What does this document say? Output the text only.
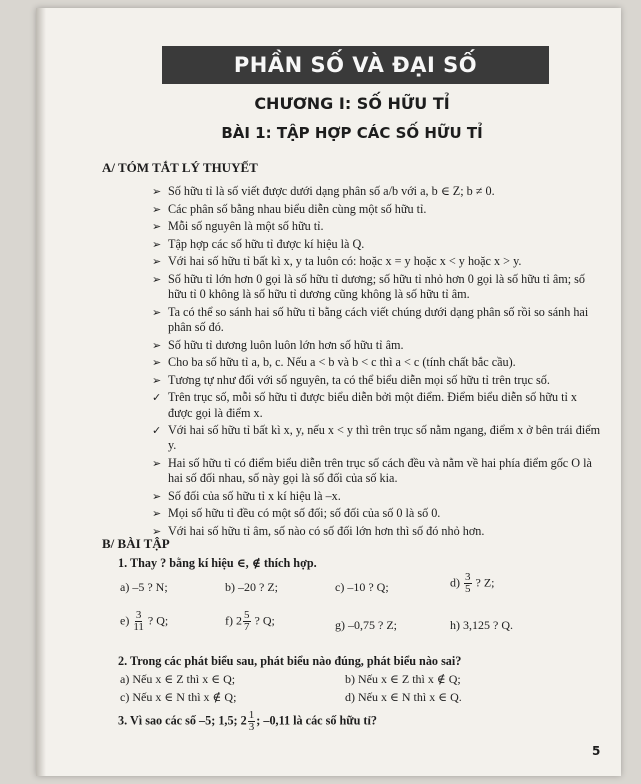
PHẦN SỐ VÀ ĐẠI SỐ
CHƯƠNG I: SỐ HỮU TỈ
BÀI 1: TẬP HỢP CÁC SỐ HỮU TỈ
A/ TÓM TẮT LÝ THUYẾT
➢ Số hữu tỉ là số viết được dưới dạng phân số a/b với a, b ∈ Z; b ≠ 0.
➢ Các phân số bằng nhau biểu diễn cùng một số hữu tỉ.
➢ Mỗi số nguyên là một số hữu tỉ.
➢ Tập hợp các số hữu tỉ được kí hiệu là Q.
➢ Với hai số hữu tỉ bất kì x, y ta luôn có: hoặc x = y hoặc x < y hoặc x > y.
➢ Số hữu tỉ lớn hơn 0 gọi là số hữu tỉ dương; số hữu tỉ nhỏ hơn 0 gọi là số hữu tỉ âm; số hữu tỉ 0 không là số hữu tỉ dương cũng không là số hữu tỉ âm.
➢ Ta có thể so sánh hai số hữu tỉ bằng cách viết chúng dưới dạng phân số rồi so sánh hai phân số đó.
➢ Số hữu tỉ dương luôn luôn lớn hơn số hữu tỉ âm.
➢ Cho ba số hữu tỉ a, b, c. Nếu a < b và b < c thì a < c (tính chất bắc cầu).
➢ Tương tự như đối với số nguyên, ta có thể biểu diễn mọi số hữu tỉ trên trục số.
✓ Trên trục số, mỗi số hữu tỉ được biểu diễn bởi một điểm. Điểm biểu diễn số hữu tỉ x được gọi là điểm x.
✓ Với hai số hữu tỉ bất kì x, y, nếu x < y thì trên trục số nằm ngang, điểm x ở bên trái điểm y.
➢ Hai số hữu tỉ có điểm biểu diễn trên trục số cách đều và nằm về hai phía điểm gốc O là hai số đối nhau, số này gọi là số đối của số kia.
➢ Số đối của số hữu tỉ x kí hiệu là –x.
➢ Mọi số hữu tỉ đều có một số đối; số đối của số 0 là số 0.
➢ Với hai số hữu tỉ âm, số nào có số đối lớn hơn thì số đó nhỏ hơn.
B/ BÀI TẬP
1. Thay ? bằng kí hiệu ∈, ∉ thích hợp.
a) –5 ? N;	b) –20 ? Z;	c) –10 ? Q;	$d) \frac{3}{5}$ ? Z;
$e) \frac{3}{11}$ ? Q;	f) $2 \frac{5}{7}$ ? Q;	g) –0,75 ? Z;	h) 3,125 ? Q.
2. Trong các phát biểu sau, phát biểu nào đúng, phát biểu nào sai?
a) Nếu x ∈ Z thì x ∈ Q;	b) Nếu x ∈ Z thì x ∉ Q;
c) Nếu x ∈ N thì x ∉ Q;	d) Nếu x ∈ N thì x ∈ Q.
3. Vì sao các số –5; 1,5; $2 \frac{1}{3}$ ; –0,11 là các số hữu tỉ?
5
